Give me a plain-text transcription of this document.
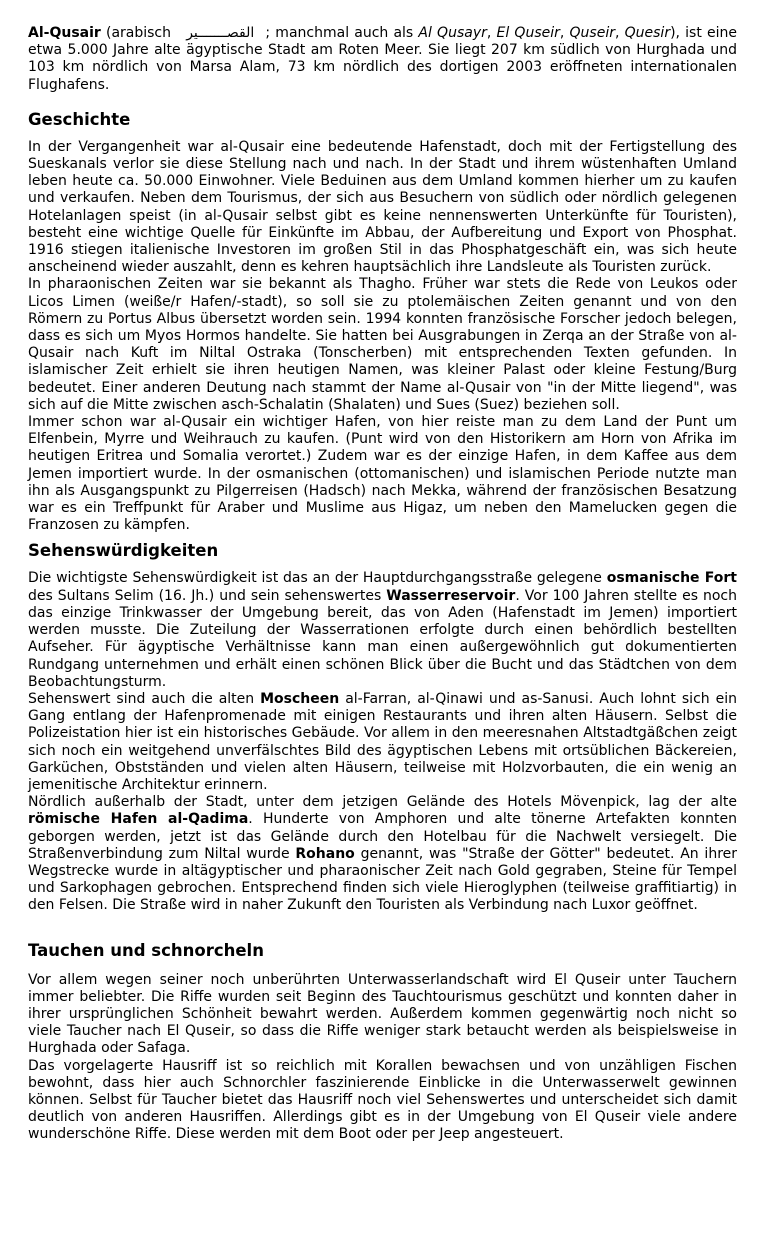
Al-Qusair (arabisch القصـــــــير ; manchmal auch als Al Qusayr, El Quseir, Quseir, Quesir), ist eine etwa 5.000 Jahre alte ägyptische Stadt am Roten Meer. Sie liegt 207 km südlich von Hurghada und 103 km nördlich von Marsa Alam, 73 km nördlich des dortigen 2003 eröffneten internationalen Flughafens.

Geschichte

In der Vergangenheit war al-Qusair eine bedeutende Hafenstadt, doch mit der Fertigstellung des Sueskanals verlor sie diese Stellung nach und nach. In der Stadt und ihrem wüstenhaften Umland leben heute ca. 50.000 Einwohner. Viele Beduinen aus dem Umland kommen hierher um zu kaufen und verkaufen. Neben dem Tourismus, der sich aus Besuchern von südlich oder nördlich gelegenen Hotelanlagen speist (in al-Qusair selbst gibt es keine nennenswerten Unterkünfte für Touristen), besteht eine wichtige Quelle für Einkünfte im Abbau, der Aufbereitung und Export von Phosphat. 1916 stiegen italienische Investoren im großen Stil in das Phosphatgeschäft ein, was sich heute anscheinend wieder auszahlt, denn es kehren hauptsächlich ihre Landsleute als Touristen zurück.

In pharaonischen Zeiten war sie bekannt als Thagho. Früher war stets die Rede von Leukos oder Licos Limen (weiße/r Hafen/-stadt), so soll sie zu ptolemäischen Zeiten genannt und von den Römern zu Portus Albus übersetzt worden sein. 1994 konnten französische Forscher jedoch belegen, dass es sich um Myos Hormos handelte. Sie hatten bei Ausgrabungen in Zerqa an der Straße von al-Qusair nach Kuft im Niltal Ostraka (Tonscherben) mit entsprechenden Texten gefunden. In islamischer Zeit erhielt sie ihren heutigen Namen, was kleiner Palast oder kleine Festung/Burg bedeutet. Einer anderen Deutung nach stammt der Name al-Qusair von "in der Mitte liegend", was sich auf die Mitte zwischen asch-Schalatin (Shalaten) und Sues (Suez) beziehen soll.

Immer schon war al-Qusair ein wichtiger Hafen, von hier reiste man zu dem Land der Punt um Elfenbein, Myrre und Weihrauch zu kaufen. (Punt wird von den Historikern am Horn von Afrika im heutigen Eritrea und Somalia verortet.) Zudem war es der einzige Hafen, in dem Kaffee aus dem Jemen importiert wurde. In der osmanischen (ottomanischen) und islamischen Periode nutzte man ihn als Ausgangspunkt zu Pilgerreisen (Hadsch) nach Mekka, während der französischen Besatzung war es ein Treffpunkt für Araber und Muslime aus Higaz, um neben den Mamelucken gegen die Franzosen zu kämpfen.

Sehenswürdigkeiten

Die wichtigste Sehenswürdigkeit ist das an der Hauptdurchgangsstraße gelegene osmanische Fort des Sultans Selim (16. Jh.) und sein sehenswertes Wasserreservoir. Vor 100 Jahren stellte es noch das einzige Trinkwasser der Umgebung bereit, das von Aden (Hafenstadt im Jemen) importiert werden musste. Die Zuteilung der Wasserrationen erfolgte durch einen behördlich bestellten Aufseher. Für ägyptische Verhältnisse kann man einen außergewöhnlich gut dokumentierten Rundgang unternehmen und erhält einen schönen Blick über die Bucht und das Städtchen von dem Beobachtungsturm.

Sehenswert sind auch die alten Moscheen al-Farran, al-Qinawi und as-Sanusi. Auch lohnt sich ein Gang entlang der Hafenpromenade mit einigen Restaurants und ihren alten Häusern. Selbst die Polizeistation hier ist ein historisches Gebäude. Vor allem in den meeresnahen Altstadtgäßchen zeigt sich noch ein weitgehend unverfälschtes Bild des ägyptischen Lebens mit ortsüblichen Bäckereien, Garküchen, Obstständen und vielen alten Häusern, teilweise mit Holzvorbauten, die ein wenig an jemenitische Architektur erinnern.

Nördlich außerhalb der Stadt, unter dem jetzigen Gelände des Hotels Mövenpick, lag der alte römische Hafen al-Qadima. Hunderte von Amphoren und alte tönerne Artefakten konnten geborgen werden, jetzt ist das Gelände durch den Hotelbau für die Nachwelt versiegelt. Die Straßenverbindung zum Niltal wurde Rohano genannt, was "Straße der Götter" bedeutet. An ihrer Wegstrecke wurde in altägyptischer und pharaonischer Zeit nach Gold gegraben, Steine für Tempel und Sarkophagen gebrochen. Entsprechend finden sich viele Hieroglyphen (teilweise graffitiartig) in den Felsen. Die Straße wird in naher Zukunft den Touristen als Verbindung nach Luxor geöffnet.

Tauchen und schnorcheln

Vor allem wegen seiner noch unberührten Unterwasserlandschaft wird El Quseir unter Tauchern immer beliebter. Die Riffe wurden seit Beginn des Tauchtourismus geschützt und konnten daher in ihrer ursprünglichen Schönheit bewahrt werden. Außerdem kommen gegenwärtig noch nicht so viele Taucher nach El Quseir, so dass die Riffe weniger stark betaucht werden als beispielsweise in Hurghada oder Safaga.

Das vorgelagerte Hausriff ist so reichlich mit Korallen bewachsen und von unzähligen Fischen bewohnt, dass hier auch Schnorchler faszinierende Einblicke in die Unterwasserwelt gewinnen können. Selbst für Taucher bietet das Hausriff noch viel Sehenswertes und unterscheidet sich damit deutlich von anderen Hausriffen. Allerdings gibt es in der Umgebung von El Quseir viele andere wunderschöne Riffe. Diese werden mit dem Boot oder per Jeep angesteuert.
